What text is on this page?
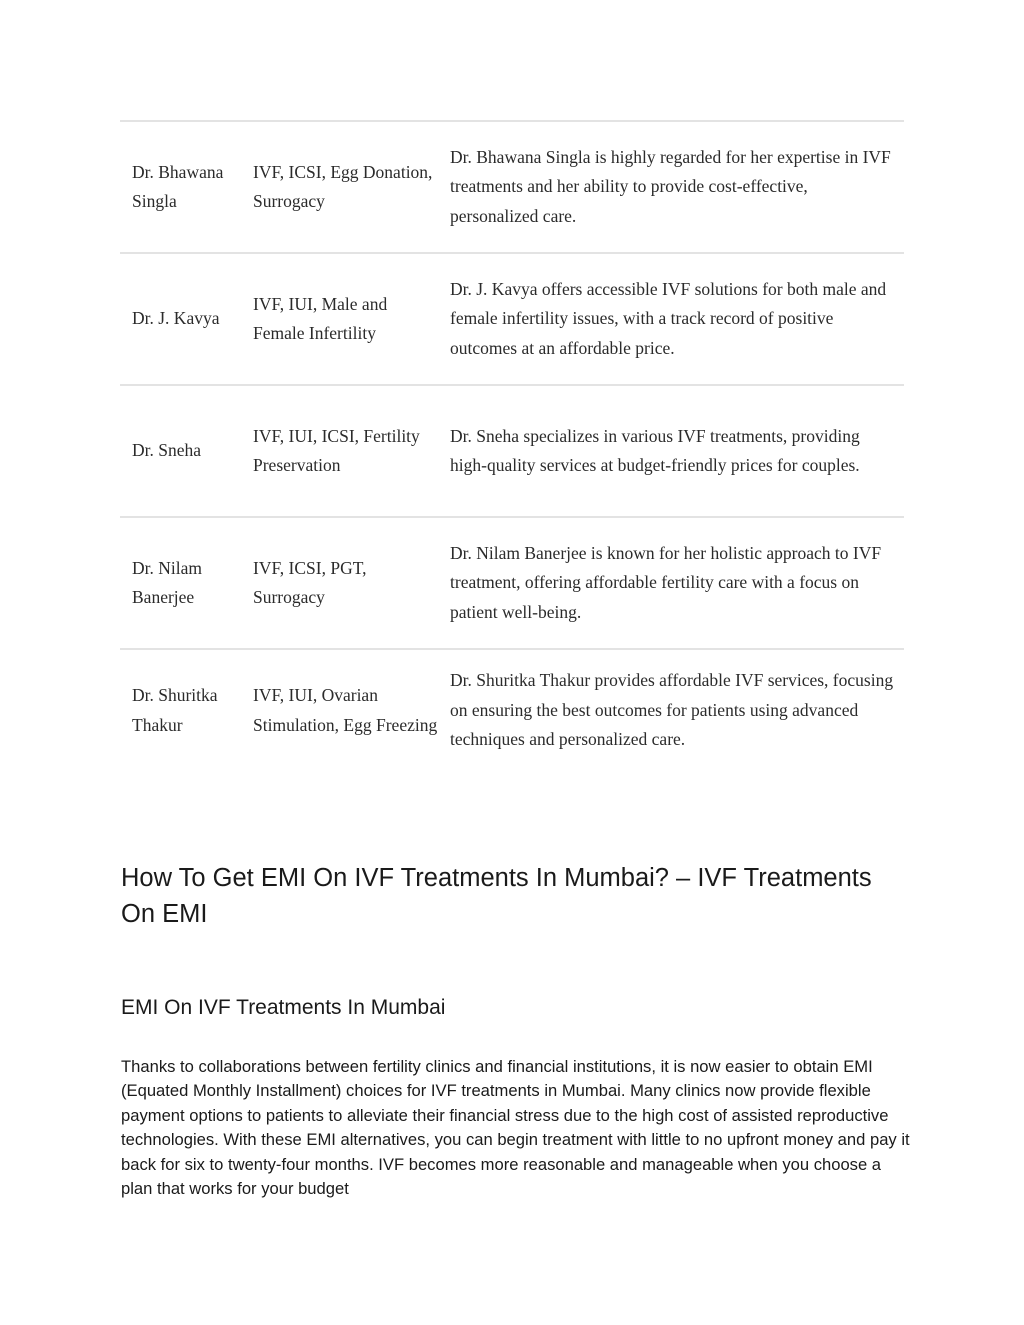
Dr. Bhawana Singla	IVF, ICSI, Egg Donation, Surrogacy	Dr. Bhawana Singla is highly regarded for her expertise in IVF treatments and her ability to provide cost-effective, personalized care.
Dr. J. Kavya	IVF, IUI, Male and Female Infertility	Dr. J. Kavya offers accessible IVF solutions for both male and female infertility issues, with a track record of positive outcomes at an affordable price.
Dr. Sneha	IVF, IUI, ICSI, Fertility Preservation	Dr. Sneha specializes in various IVF treatments, providing high-quality services at budget-friendly prices for couples.
Dr. Nilam Banerjee	IVF, ICSI, PGT, Surrogacy	Dr. Nilam Banerjee is known for her holistic approach to IVF treatment, offering affordable fertility care with a focus on patient well-being.
Dr. Shuritka Thakur	IVF, IUI, Ovarian Stimulation, Egg Freezing	Dr. Shuritka Thakur provides affordable IVF services, focusing on ensuring the best outcomes for patients using advanced techniques and personalized care.
How To Get EMI On IVF Treatments In Mumbai? – IVF Treatments On EMI
EMI On IVF Treatments In Mumbai

Thanks to collaborations between fertility clinics and financial institutions, it is now easier to obtain EMI (Equated Monthly Installment) choices for IVF treatments in Mumbai. Many clinics now provide flexible payment options to patients to alleviate their financial stress due to the high cost of assisted reproductive technologies. With these EMI alternatives, you can begin treatment with little to no upfront money and pay it back for six to twenty-four months. IVF becomes more reasonable and manageable when you choose a plan that works for your budget
